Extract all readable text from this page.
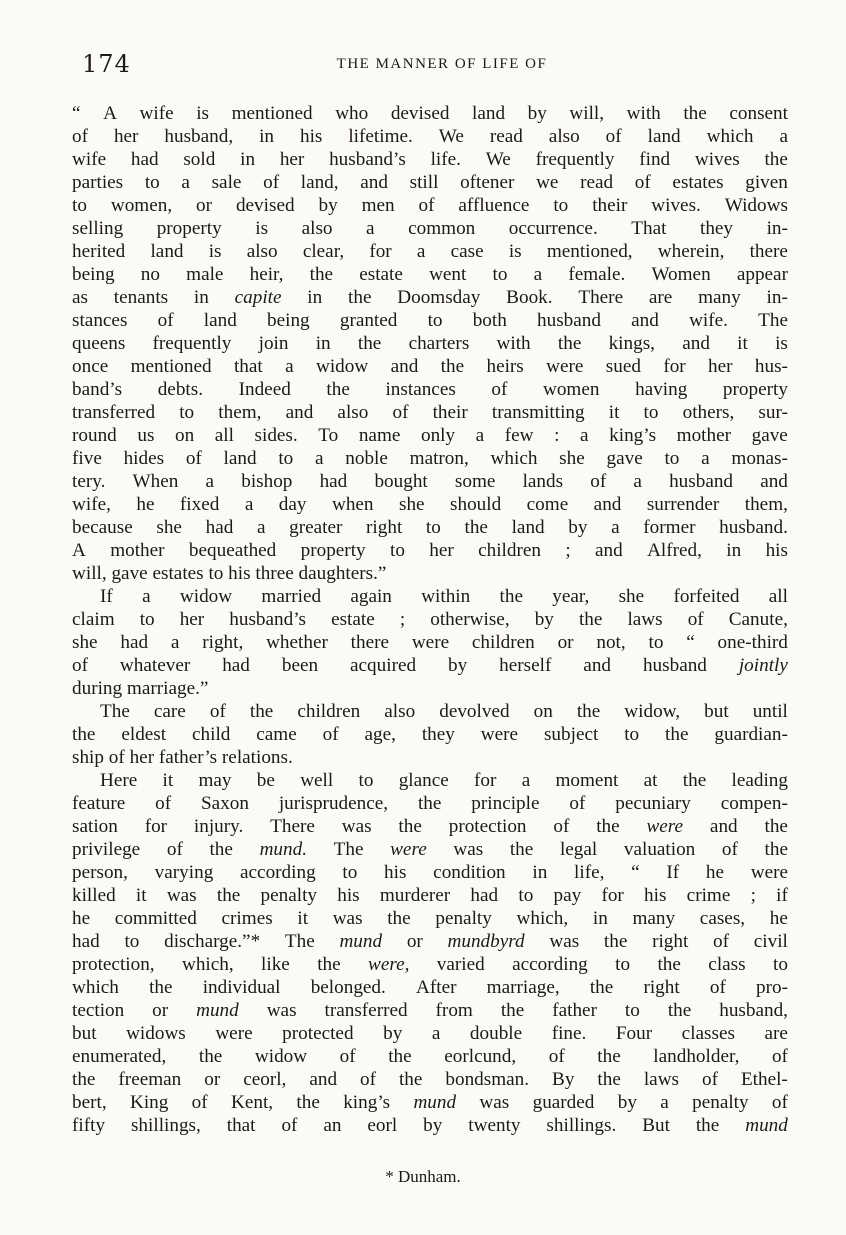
174	THE MANNER OF LIFE OF
“ A wife is mentioned who devised land by will, with the consent
of her husband, in his lifetime. We read also of land which a
wife had sold in her husband’s life. We frequently find wives the
parties to a sale of land, and still oftener we read of estates given
to women, or devised by men of affluence to their wives. Widows
selling property is also a common occurrence. That they in-
herited land is also clear, for a case is mentioned, wherein, there
being no male heir, the estate went to a female. Women appear
as tenants in capite in the Doomsday Book. There are many in-
stances of land being granted to both husband and wife. The
queens frequently join in the charters with the kings, and it is
once mentioned that a widow and the heirs were sued for her hus-
band’s debts. Indeed the instances of women having property
transferred to them, and also of their transmitting it to others, sur-
round us on all sides. To name only a few : a king’s mother gave
five hides of land to a noble matron, which she gave to a monas-
tery. When a bishop had bought some lands of a husband and
wife, he fixed a day when she should come and surrender them,
because she had a greater right to the land by a former husband.
A mother bequeathed property to her children ; and Alfred, in his
will, gave estates to his three daughters.”
If a widow married again within the year, she forfeited all
claim to her husband’s estate ; otherwise, by the laws of Canute,
she had a right, whether there were children or not, to “ one-third
of whatever had been acquired by herself and husband jointly
during marriage.”
The care of the children also devolved on the widow, but until
the eldest child came of age, they were subject to the guardian-
ship of her father’s relations.
Here it may be well to glance for a moment at the leading
feature of Saxon jurisprudence, the principle of pecuniary compen-
sation for injury. There was the protection of the were and the
privilege of the mund. The were was the legal valuation of the
person, varying according to his condition in life, “ If he were
killed it was the penalty his murderer had to pay for his crime ; if
he committed crimes it was the penalty which, in many cases, he
had to discharge.”* The mund or mundbyrd was the right of civil
protection, which, like the were, varied according to the class to
which the individual belonged. After marriage, the right of pro-
tection or mund was transferred from the father to the husband,
but widows were protected by a double fine. Four classes are
enumerated, the widow of the eorlcund, of the landholder, of
the freeman or ceorl, and of the bondsman. By the laws of Ethel-
bert, King of Kent, the king’s mund was guarded by a penalty of
fifty shillings, that of an eorl by twenty shillings. But the mund
* Dunham.
